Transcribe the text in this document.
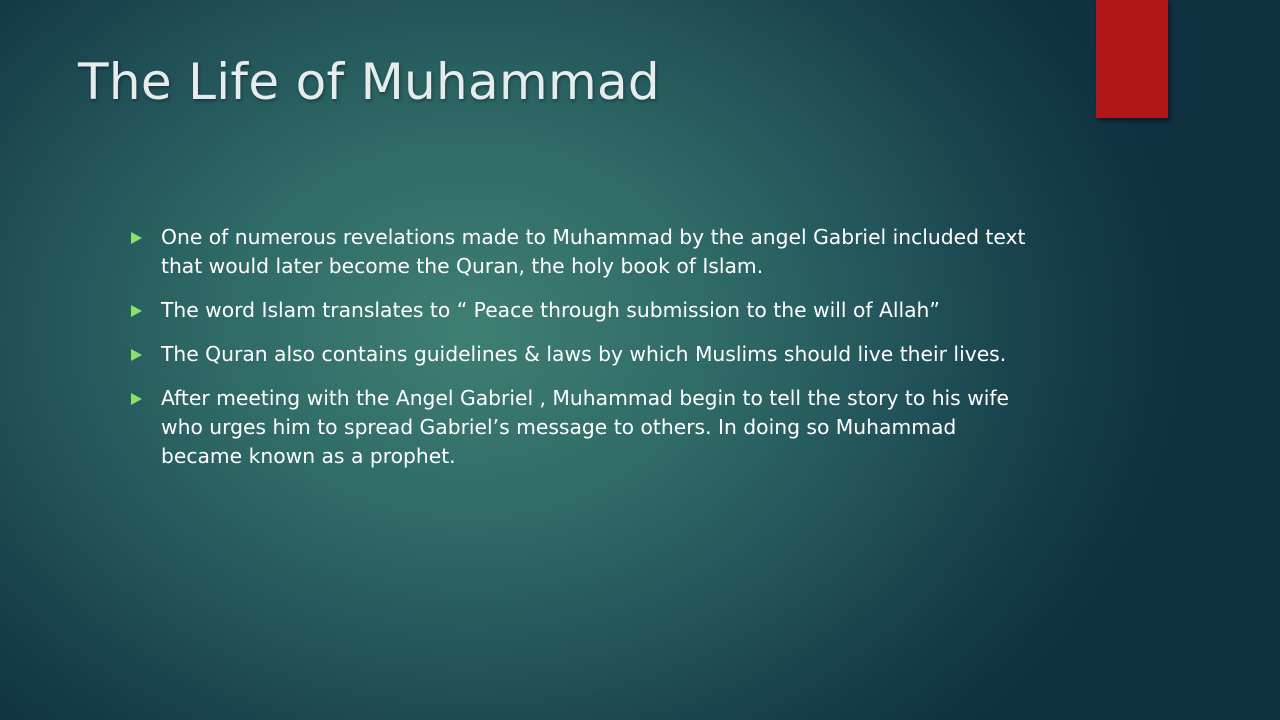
The Life of Muhammad
One of numerous revelations made to Muhammad by the angel Gabriel included text that would later become the Quran, the holy book of Islam.
The word Islam translates to “ Peace through submission to the will of Allah”
The Quran also contains guidelines & laws by which Muslims should live their lives.
After meeting with the Angel Gabriel , Muhammad begin to tell the story to his wife who urges him to spread Gabriel’s message to others. In doing so Muhammad became known as a prophet.
